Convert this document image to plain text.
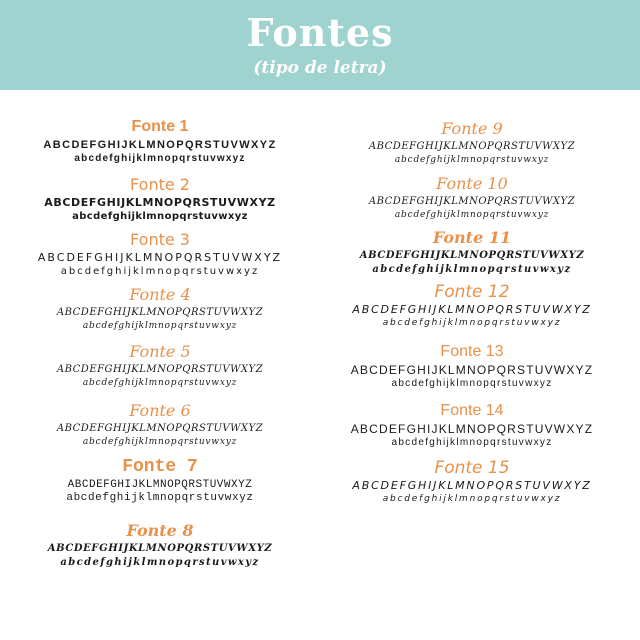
Fontes
(tipo de letra)
Fonte 1
ABCDEFGHIJKLMNOPQRSTUVWXYZ
abcdefghijklmnopqrstuvwxyz
Fonte 2
ABCDEFGHIJKLMNOPQRSTUVWXYZ
abcdefghijklmnopqrstuvwxyz
Fonte 3
ABCDEFGHIJKLMNOPQRSTUVWXYZ
abcdefghijklmnopqrstuvwxyz
Fonte 4
ABCDEFGHIJKLMNOPQRSTUVWXYZ
abcdefghijklmnopqrstuvwxyz
Fonte 5
ABCDEFGHIJKLMNOPQRSTUVWXYZ
abcdefghijklmnopqrstuvwxyz
Fonte 6
ABCDEFGHIJKLMNOPQRSTUVWXYZ
abcdefghijklmnopqrstuvwxyz
Fonte 7
ABCDEFGHIJKLMNOPQRSTUVWXYZ
abcdefghijklmnopqrstuvwxyz
Fonte 8
ABCDEFGHIJKLMNOPQRSTUVWXYZ
abcdefghijklmnopqrstuvwxyz
Fonte 9
ABCDEFGHIJKLMNOPQRSTUVWXYZ
abcdefghijklmnopqrstuvwxyz
Fonte 10
ABCDEFGHIJKLMNOPQRSTUVWXYZ
abcdefghijklmnopqrstuvwxyz
Fonte 11
ABCDEFGHIJKLMNOPQRSTUVWXYZ
abcdefghijklmnopqrstuvwxyz
Fonte 12
ABCDEFGHIJKLMNOPQRSTUVWXYZ
abcdefghijklmnopqrstuvwxyz
Fonte 13
ABCDEFGHIJKLMNOPQRSTUVWXYZ
abcdefghijklmnopqrstuvwxyz
Fonte 14
ABCDEFGHIJKLMNOPQRSTUVWXYZ
abcdefghijklmnopqrstuvwxyz
Fonte 15
ABCDEFGHIJKLMNOPQRSTUVWXYZ
abcdefghijklmnopqrstuvwxyz
